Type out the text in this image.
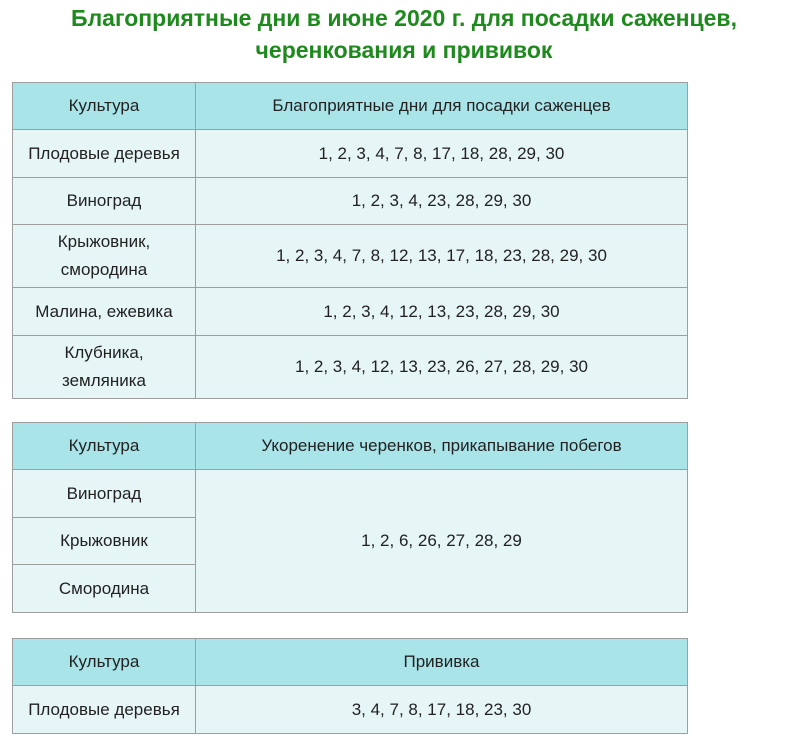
Благоприятные дни в июне 2020 г. для посадки саженцев,
черенкования и прививок
Культура	Благоприятные дни для посадки саженцев
Плодовые деревья	1, 2, 3, 4, 7, 8, 17, 18, 28, 29, 30
Виноград	1, 2, 3, 4, 23, 28, 29, 30

Крыжовник,
смородина	1, 2, 3, 4, 7, 8, 12, 13, 17, 18, 23, 28, 29, 30
Малина, ежевика	1, 2, 3, 4, 12, 13, 23, 28, 29, 30

Клубника,
земляника	1, 2, 3, 4, 12, 13, 23, 26, 27, 28, 29, 30
Культура	Укоренение черенков, прикапывание побегов
Виноград	1, 2, 6, 26, 27, 28, 29
Крыжовник	
Смородина	
Культура	Прививка
Плодовые деревья	3, 4, 7, 8, 17, 18, 23, 30
